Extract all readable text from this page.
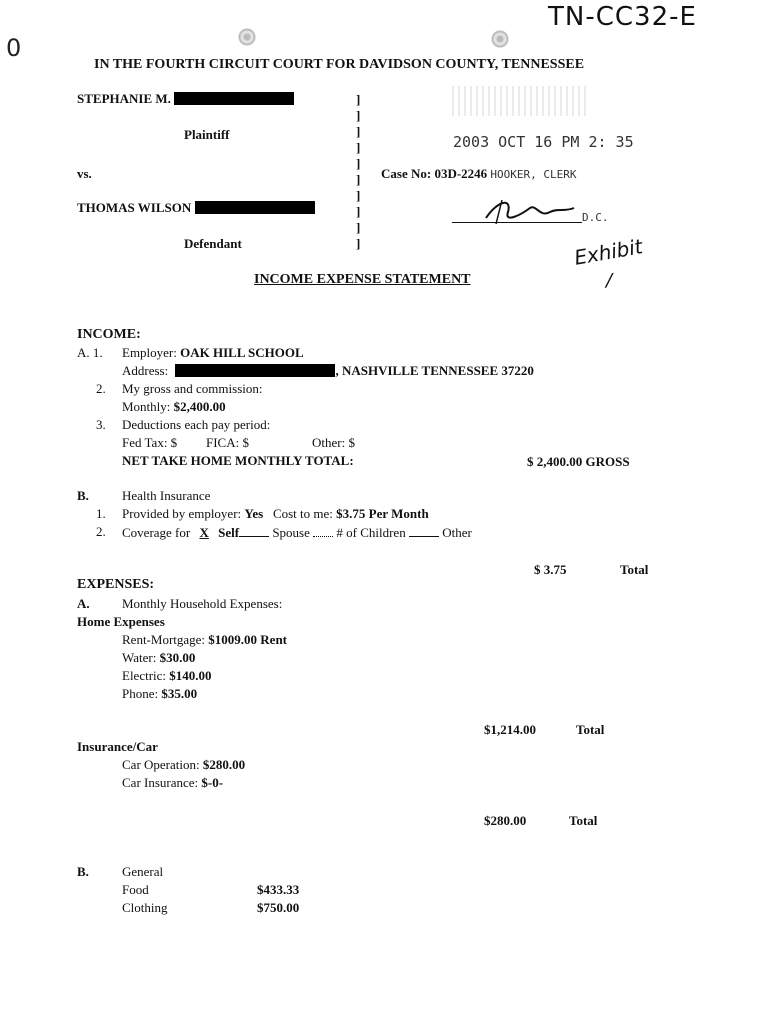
TN-CC32-E
0
IN THE FOURTH CIRCUIT COURT FOR DAVIDSON COUNTY, TENNESSEE
STEPHANIE M.
Plaintiff
vs.
THOMAS WILSON
Defendant
]
]
]
]
]
]
]
]
]
]
2003 OCT 16 PM 2: 35
Case No: 03D-2246 HOOKER, CLERK
D.C.
Exhibit
/
INCOME EXPENSE STATEMENT
INCOME:
A. 1. Employer: OAK HILL SCHOOL
Address:	, NASHVILLE TENNESSEE 37220
2. My gross and commission:
Monthly: $2,400.00
3. Deductions each pay period:
Fed Tax: $ FICA: $	Other: $
NET TAKE HOME MONTHLY TOTAL:	$ 2,400.00 GROSS
B.	Health Insurance
1. Provided by employer: Yes Cost to me: $3.75 Per Month
2. Coverage for X Self	Spouse # of Children	Other
$ 3.75	Total
EXPENSES:
A. Monthly Household Expenses:
Home Expenses
Rent-Mortgage: $1009.00 Rent
Water: $30.00
Electric: $140.00
Phone: $35.00
$1,214.00	Total
Insurance/Car
Car Operation: $280.00
Car Insurance: $-0-
$280.00	Total
B.	General
Food	$433.33
Clothing	$750.00
